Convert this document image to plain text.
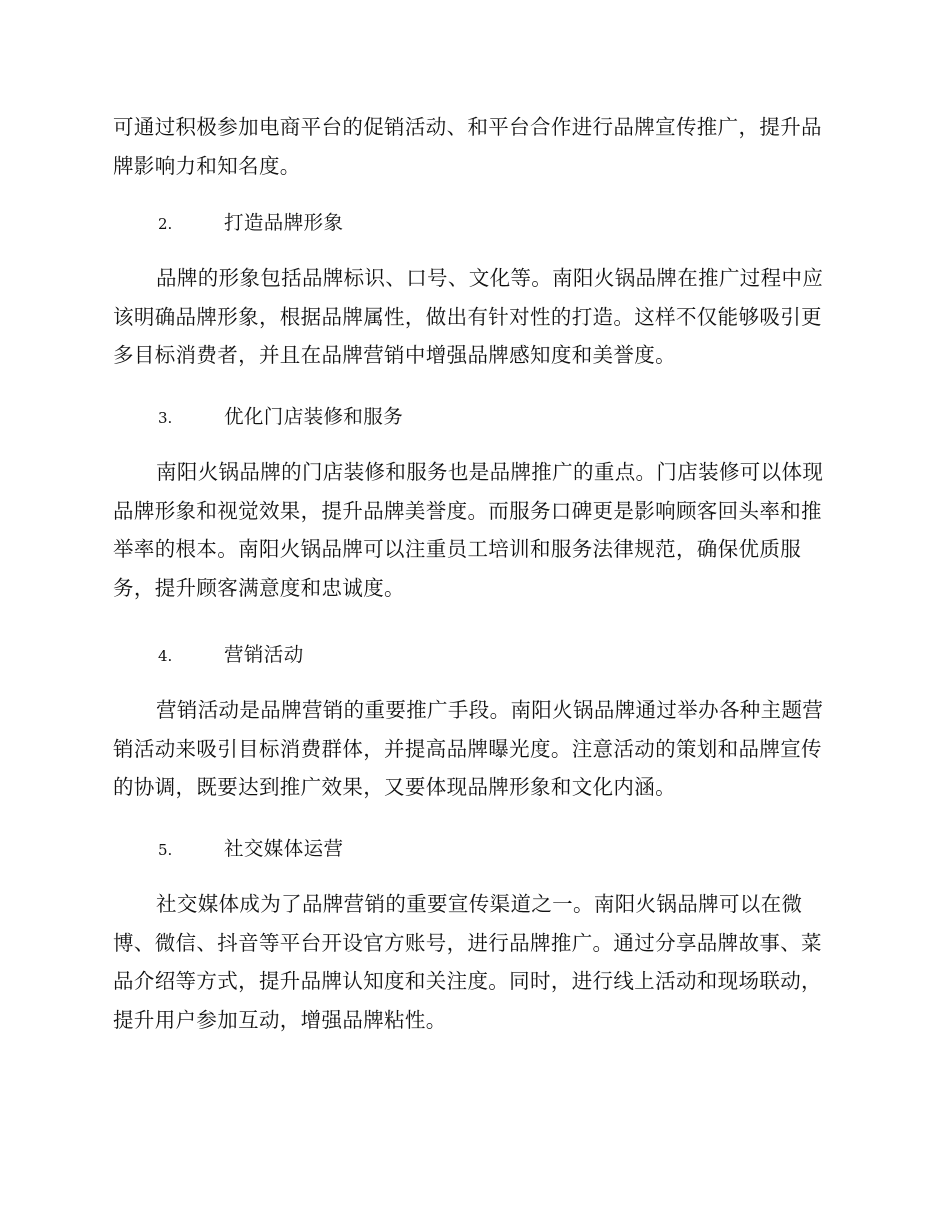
可通过积极参加电商平台的促销活动、和平台合作进行品牌宣传推广，提升品牌影响力和知名度。

2.	打造品牌形象

品牌的形象包括品牌标识、口号、文化等。南阳火锅品牌在推广过程中应该明确品牌形象，根据品牌属性，做出有针对性的打造。这样不仅能够吸引更多目标消费者，并且在品牌营销中增强品牌感知度和美誉度。

3.	优化门店装修和服务

南阳火锅品牌的门店装修和服务也是品牌推广的重点。门店装修可以体现品牌形象和视觉效果，提升品牌美誉度。而服务口碑更是影响顾客回头率和推举率的根本。南阳火锅品牌可以注重员工培训和服务法律规范，确保优质服务，提升顾客满意度和忠诚度。

4.	营销活动

营销活动是品牌营销的重要推广手段。南阳火锅品牌通过举办各种主题营销活动来吸引目标消费群体，并提高品牌曝光度。注意活动的策划和品牌宣传的协调，既要达到推广效果，又要体现品牌形象和文化内涵。

5.	社交媒体运营

社交媒体成为了品牌营销的重要宣传渠道之一。南阳火锅品牌可以在微博、微信、抖音等平台开设官方账号，进行品牌推广。通过分享品牌故事、菜品介绍等方式，提升品牌认知度和关注度。同时，进行线上活动和现场联动，提升用户参加互动，增强品牌粘性。
